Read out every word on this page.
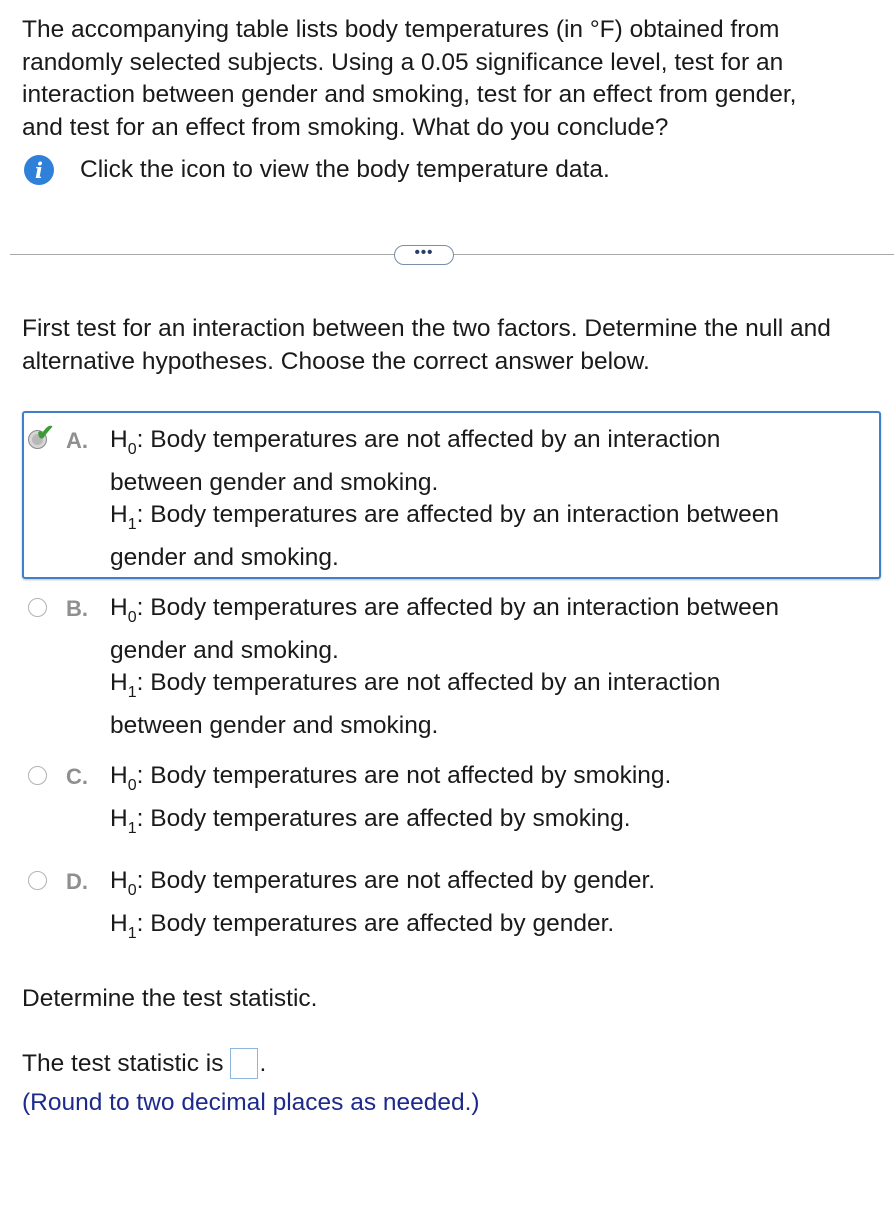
The accompanying table lists body temperatures (in °F) obtained from

randomly selected subjects. Using a 0.05 significance level, test for an

interaction between gender and smoking, test for an effect from gender,

and test for an effect from smoking. What do you conclude?

i	Click the icon to view the body temperature data.
•••
First test for an interaction between the two factors. Determine the null and
alternative hypotheses. Choose the correct answer below.
✔ A. $H_0$: Body temperatures are not affected by an interaction
between gender and smoking.
$H_1$: Body temperatures are affected by an interaction between
gender and smoking.
B. $H_0$: Body temperatures are affected by an interaction between
gender and smoking.
$H_1$: Body temperatures are not affected by an interaction
between gender and smoking.
C. $H_0$: Body temperatures are not affected by smoking.
$H_1$: Body temperatures are affected by smoking.
D. $H_0$: Body temperatures are not affected by gender.
$H_1$: Body temperatures are affected by gender.

Determine the test statistic.

The test statistic is .
(Round to two decimal places as needed.)
